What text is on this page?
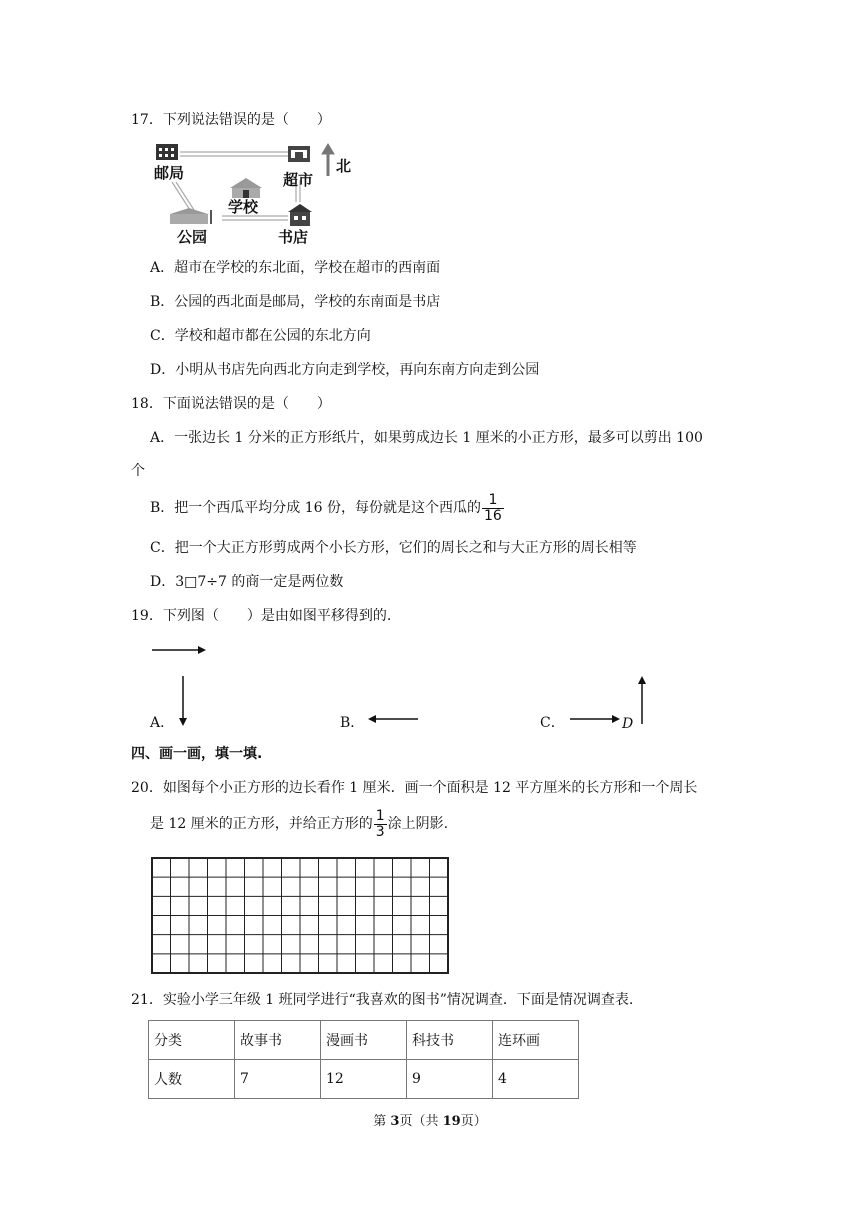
17．下列说法错误的是（　　）
邮局	超市
北
学校
公园	书店
A．超市在学校的东北面，学校在超市的西南面
B．公园的西北面是邮局，学校的东南面是书店
C．学校和超市都在公园的东北方向
D．小明从书店先向西北方向走到学校，再向东南方向走到公园
18．下面说法错误的是（　　）
A．一张边长 1 分米的正方形纸片，如果剪成边长 1 厘米的小正方形，最多可以剪出 100
个
B．把一个西瓜平均分成 16 份，每份就是这个西瓜的 $\frac{1}{16}$
C．把一个大正方形剪成两个小长方形，它们的周长之和与大正方形的周长相等
D．3□7÷7 的商一定是两位数
19．下列图（　　）是由如图平移得到的.
A．	B．	C．	D
四、画一画，填一填.
20．如图每个小正方形的边长看作 1 厘米．画一个面积是 12 平方厘米的长方形和一个周长
是 12 厘米的正方形，并给正方形的 $\frac{1}{3}$ 涂上阴影.
21．实验小学三年级 1 班同学进行“我喜欢的图书”情况调查．下面是情况调查表.
分类	故事书	漫画书	科技书	连环画
人数	7	12	9	4
第 3页（共 19页）
